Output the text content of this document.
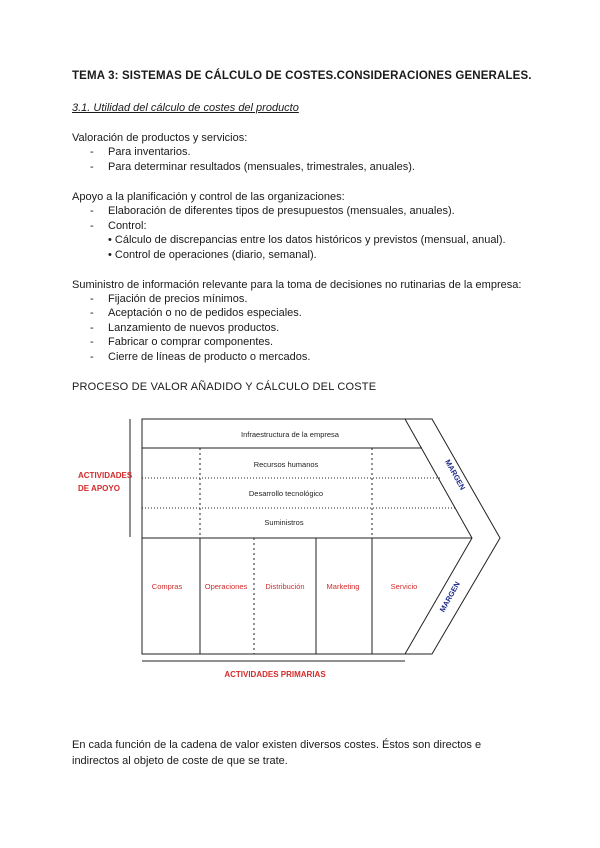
TEMA 3: SISTEMAS DE CÁLCULO DE COSTES.CONSIDERACIONES GENERALES.
3.1. Utilidad del cálculo de costes del producto
Valoración de productos y servicios:
- Para inventarios.
- Para determinar resultados (mensuales, trimestrales, anuales).
Apoyo a la planificación y control de las organizaciones:
- Elaboración de diferentes tipos de presupuestos (mensuales, anuales).
- Control:
• Cálculo de discrepancias entre los datos históricos y previstos (mensual, anual).
• Control de operaciones (diario, semanal).
Suministro de información relevante para la toma de decisiones no rutinarias de la empresa:
- Fijación de precios mínimos.
- Aceptación o no de pedidos especiales.
- Lanzamiento de nuevos productos.
- Fabricar o comprar componentes.
- Cierre de líneas de producto o mercados.
PROCESO DE VALOR AÑADIDO Y CÁLCULO DEL COSTE
Infraestructura de la empresa
Recursos humanos
Desarrollo tecnológico
Suministros
Compras	Operaciones Distribución	Marketing	Servicio
ACTIVIDADES
DE APOYO
ACTIVIDADES PRIMARIAS
MARGEN
MARGEN
En cada función de la cadena de valor existen diversos costes. Éstos son directos e indirectos al objeto de coste de que se trate.
